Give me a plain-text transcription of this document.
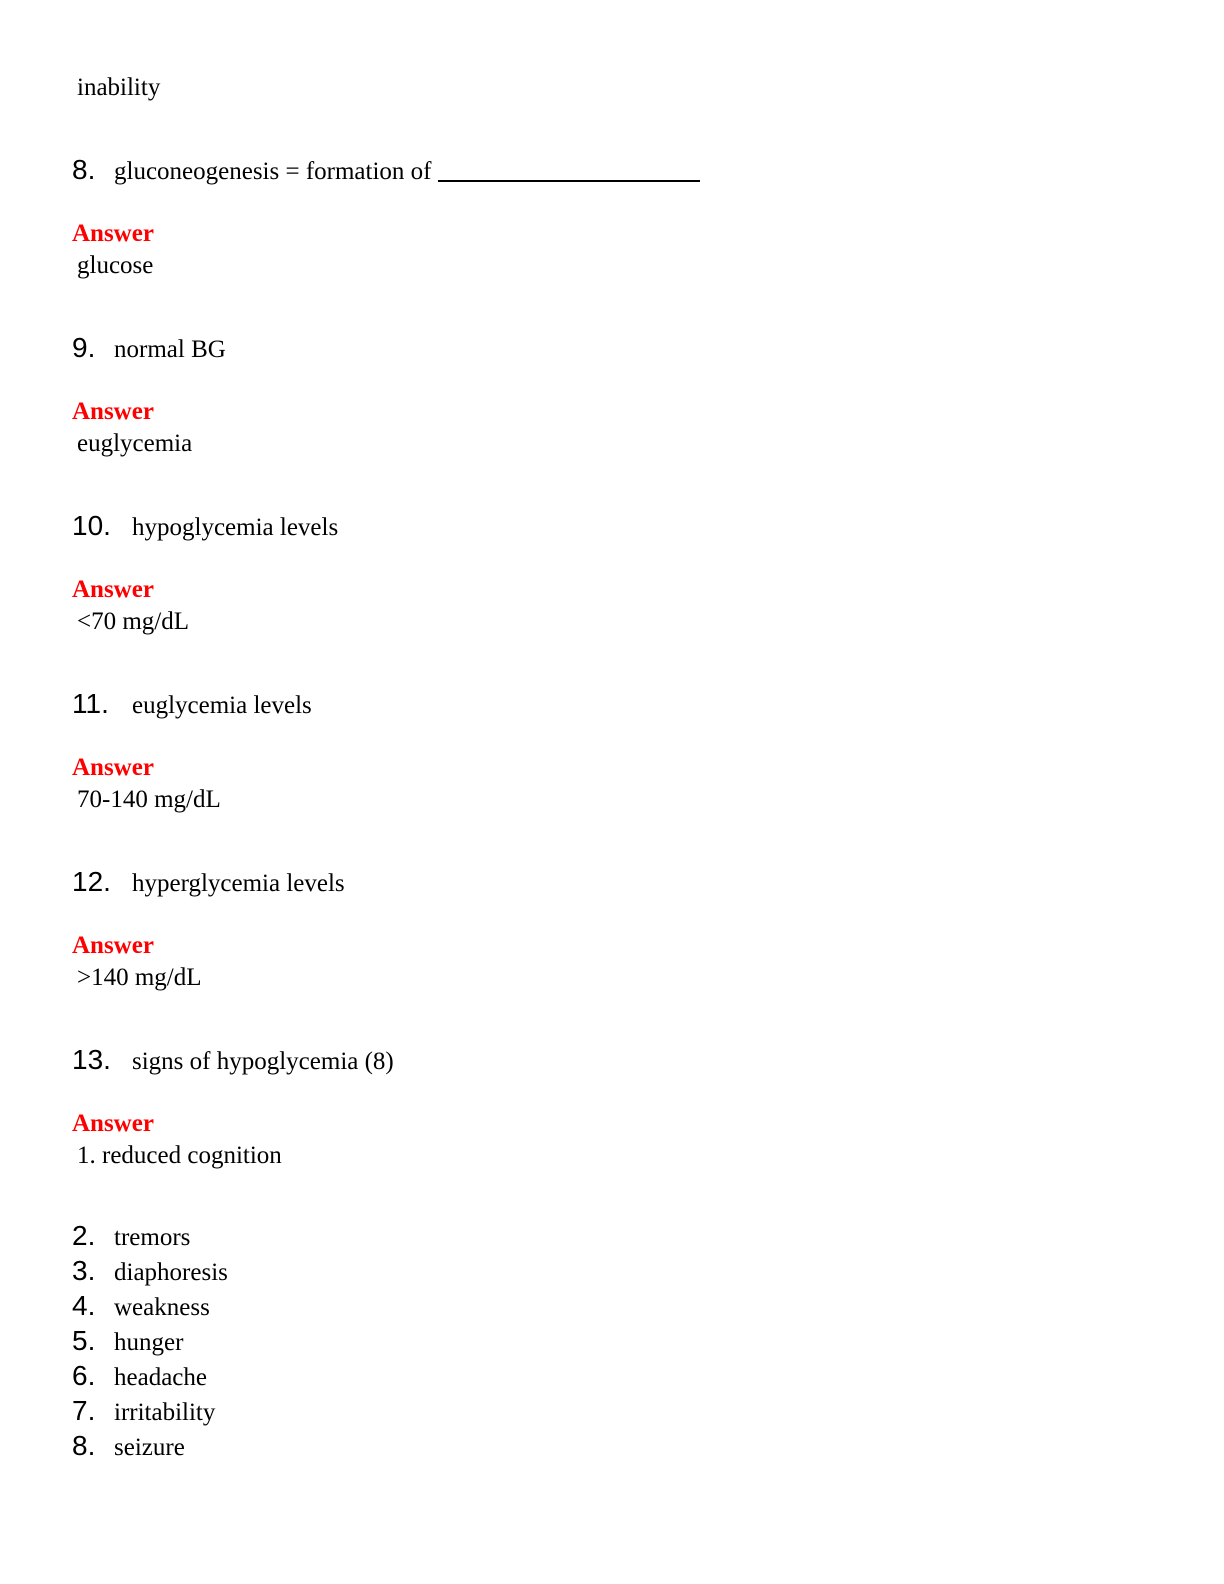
inability
8. gluconeogenesis = formation of
Answer
glucose
9. normal BG
Answer
euglycemia
10. hypoglycemia levels
Answer
<70 mg/dL
11. euglycemia levels
Answer
70-140 mg/dL
12. hyperglycemia levels
Answer
>140 mg/dL
13. signs of hypoglycemia (8)
Answer
1. reduced cognition
2. tremors
3. diaphoresis
4. weakness
5. hunger
6. headache
7. irritability
8. seizure
